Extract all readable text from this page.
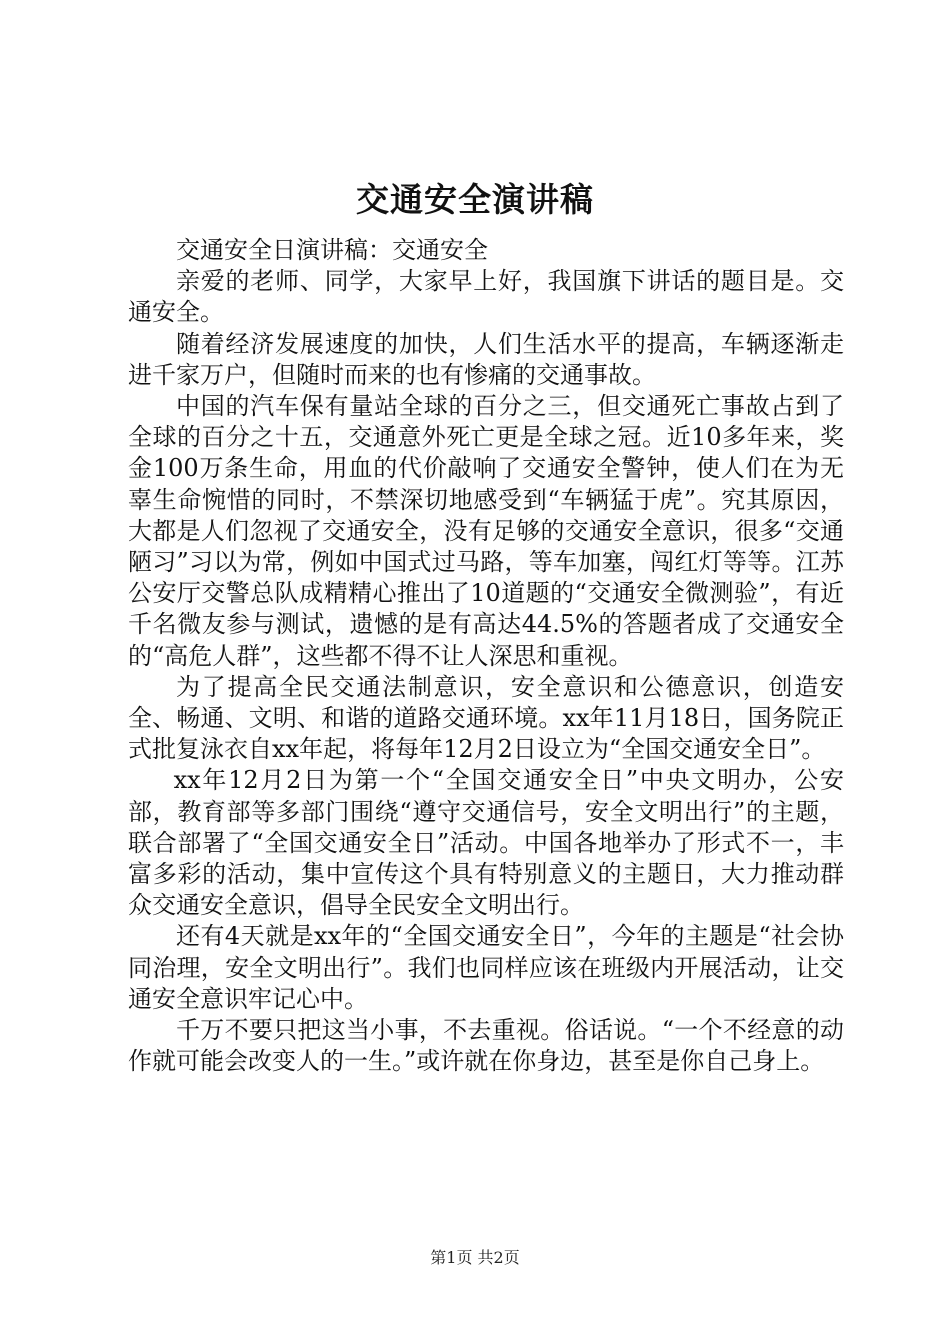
交通安全演讲稿

交通安全日演讲稿：交通安全

亲爱的老师、同学，大家早上好，我国旗下讲话的题目是。交通安全。

随着经济发展速度的加快，人们生活水平的提高，车辆逐渐走进千家万户，但随时而来的也有惨痛的交通事故。

中国的汽车保有量站全球的百分之三，但交通死亡事故占到了全球的百分之十五，交通意外死亡更是全球之冠。近10多年来，奖金100万条生命，用血的代价敲响了交通安全警钟，使人们在为无辜生命惋惜的同时，不禁深切地感受到“车辆猛于虎”。究其原因，大都是人们忽视了交通安全，没有足够的交通安全意识，很多“交通陋习”习以为常，例如中国式过马路，等车加塞，闯红灯等等。江苏公安厅交警总队成精精心推出了10道题的“交通安全微测验”，有近千名微友参与测试，遗憾的是有高达44.5%的答题者成了交通安全的“高危人群”，这些都不得不让人深思和重视。

为了提高全民交通法制意识，安全意识和公德意识，创造安全、畅通、文明、和谐的道路交通环境。xx年11月18日，国务院正式批复泳衣自xx年起，将每年12月2日设立为“全国交通安全日”。

xx年12月2日为第一个“全国交通安全日”中央文明办，公安部，教育部等多部门围绕“遵守交通信号，安全文明出行”的主题，联合部署了“全国交通安全日”活动。中国各地举办了形式不一，丰富多彩的活动，集中宣传这个具有特别意义的主题日，大力推动群众交通安全意识，倡导全民安全文明出行。

还有4天就是xx年的“全国交通安全日”，今年的主题是“社会协同治理，安全文明出行”。我们也同样应该在班级内开展活动，让交通安全意识牢记心中。

千万不要只把这当小事，不去重视。俗话说。“一个不经意的动作就可能会改变人的一生。”或许就在你身边，甚至是你自己身上。

第1页 共2页
